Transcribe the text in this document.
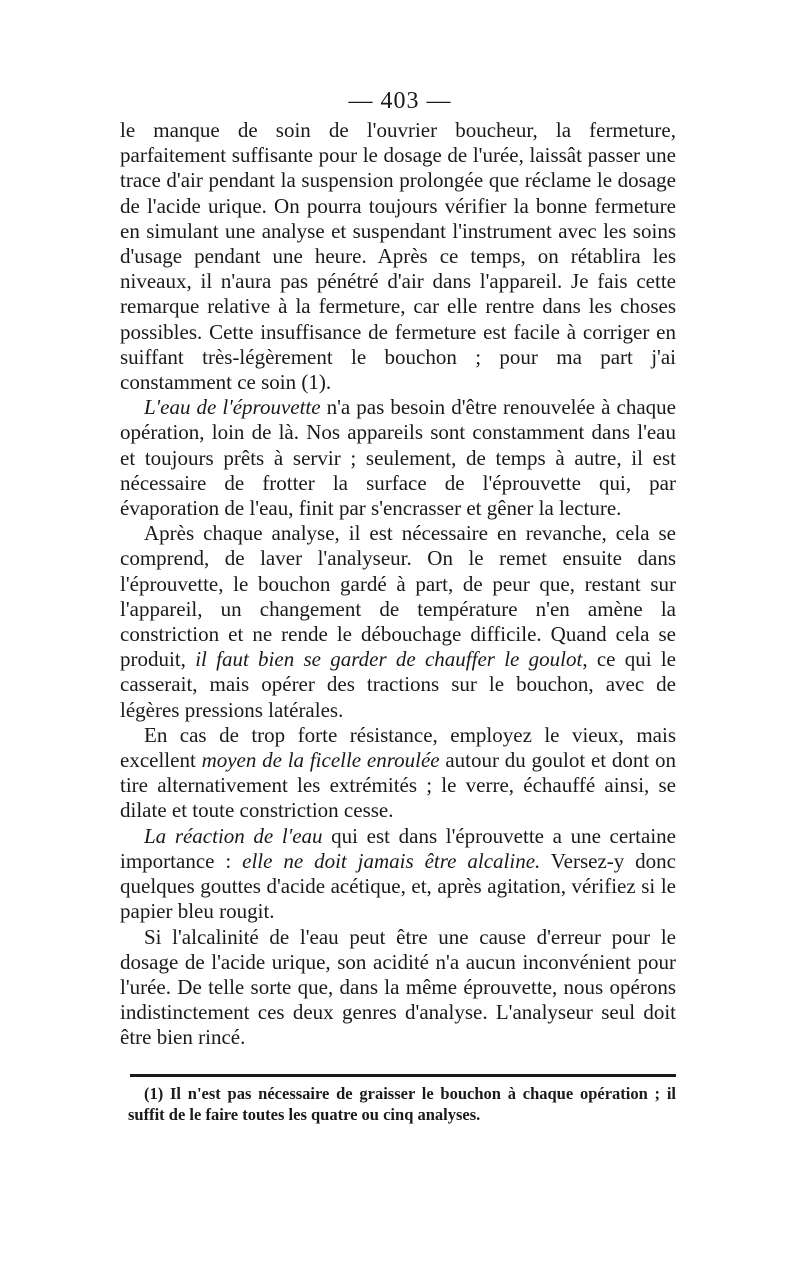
— 403 —

le manque de soin de l'ouvrier boucheur, la fermeture, parfaitement suffisante pour le dosage de l'urée, laissât passer une trace d'air pendant la suspension prolongée que réclame le dosage de l'acide urique. On pourra toujours vérifier la bonne fermeture en simulant une analyse et suspendant l'instrument avec les soins d'usage pendant une heure. Après ce temps, on rétablira les niveaux, il n'aura pas pénétré d'air dans l'appareil. Je fais cette remarque relative à la fermeture, car elle rentre dans les choses possibles. Cette insuffisance de fermeture est facile à corriger en suiffant très-légèrement le bouchon ; pour ma part j'ai constamment ce soin (1).

L'eau de l'éprouvette n'a pas besoin d'être renouvelée à chaque opération, loin de là. Nos appareils sont constamment dans l'eau et toujours prêts à servir ; seulement, de temps à autre, il est nécessaire de frotter la surface de l'éprouvette qui, par évaporation de l'eau, finit par s'encrasser et gêner la lecture.

Après chaque analyse, il est nécessaire en revanche, cela se comprend, de laver l'analyseur. On le remet ensuite dans l'éprouvette, le bouchon gardé à part, de peur que, restant sur l'appareil, un changement de température n'en amène la constriction et ne rende le débouchage difficile. Quand cela se produit, il faut bien se garder de chauffer le goulot, ce qui le casserait, mais opérer des tractions sur le bouchon, avec de légères pressions latérales.

En cas de trop forte résistance, employez le vieux, mais excellent moyen de la ficelle enroulée autour du goulot et dont on tire alternativement les extrémités ; le verre, échauffé ainsi, se dilate et toute constriction cesse.

La réaction de l'eau qui est dans l'éprouvette a une certaine importance : elle ne doit jamais être alcaline. Versez-y donc quelques gouttes d'acide acétique, et, après agitation, vérifiez si le papier bleu rougit.

Si l'alcalinité de l'eau peut être une cause d'erreur pour le dosage de l'acide urique, son acidité n'a aucun inconvénient pour l'urée. De telle sorte que, dans la même éprouvette, nous opérons indistinctement ces deux genres d'analyse. L'analyseur seul doit être bien rincé.

(1) Il n'est pas nécessaire de graisser le bouchon à chaque opération ; il suffit de le faire toutes les quatre ou cinq analyses.
